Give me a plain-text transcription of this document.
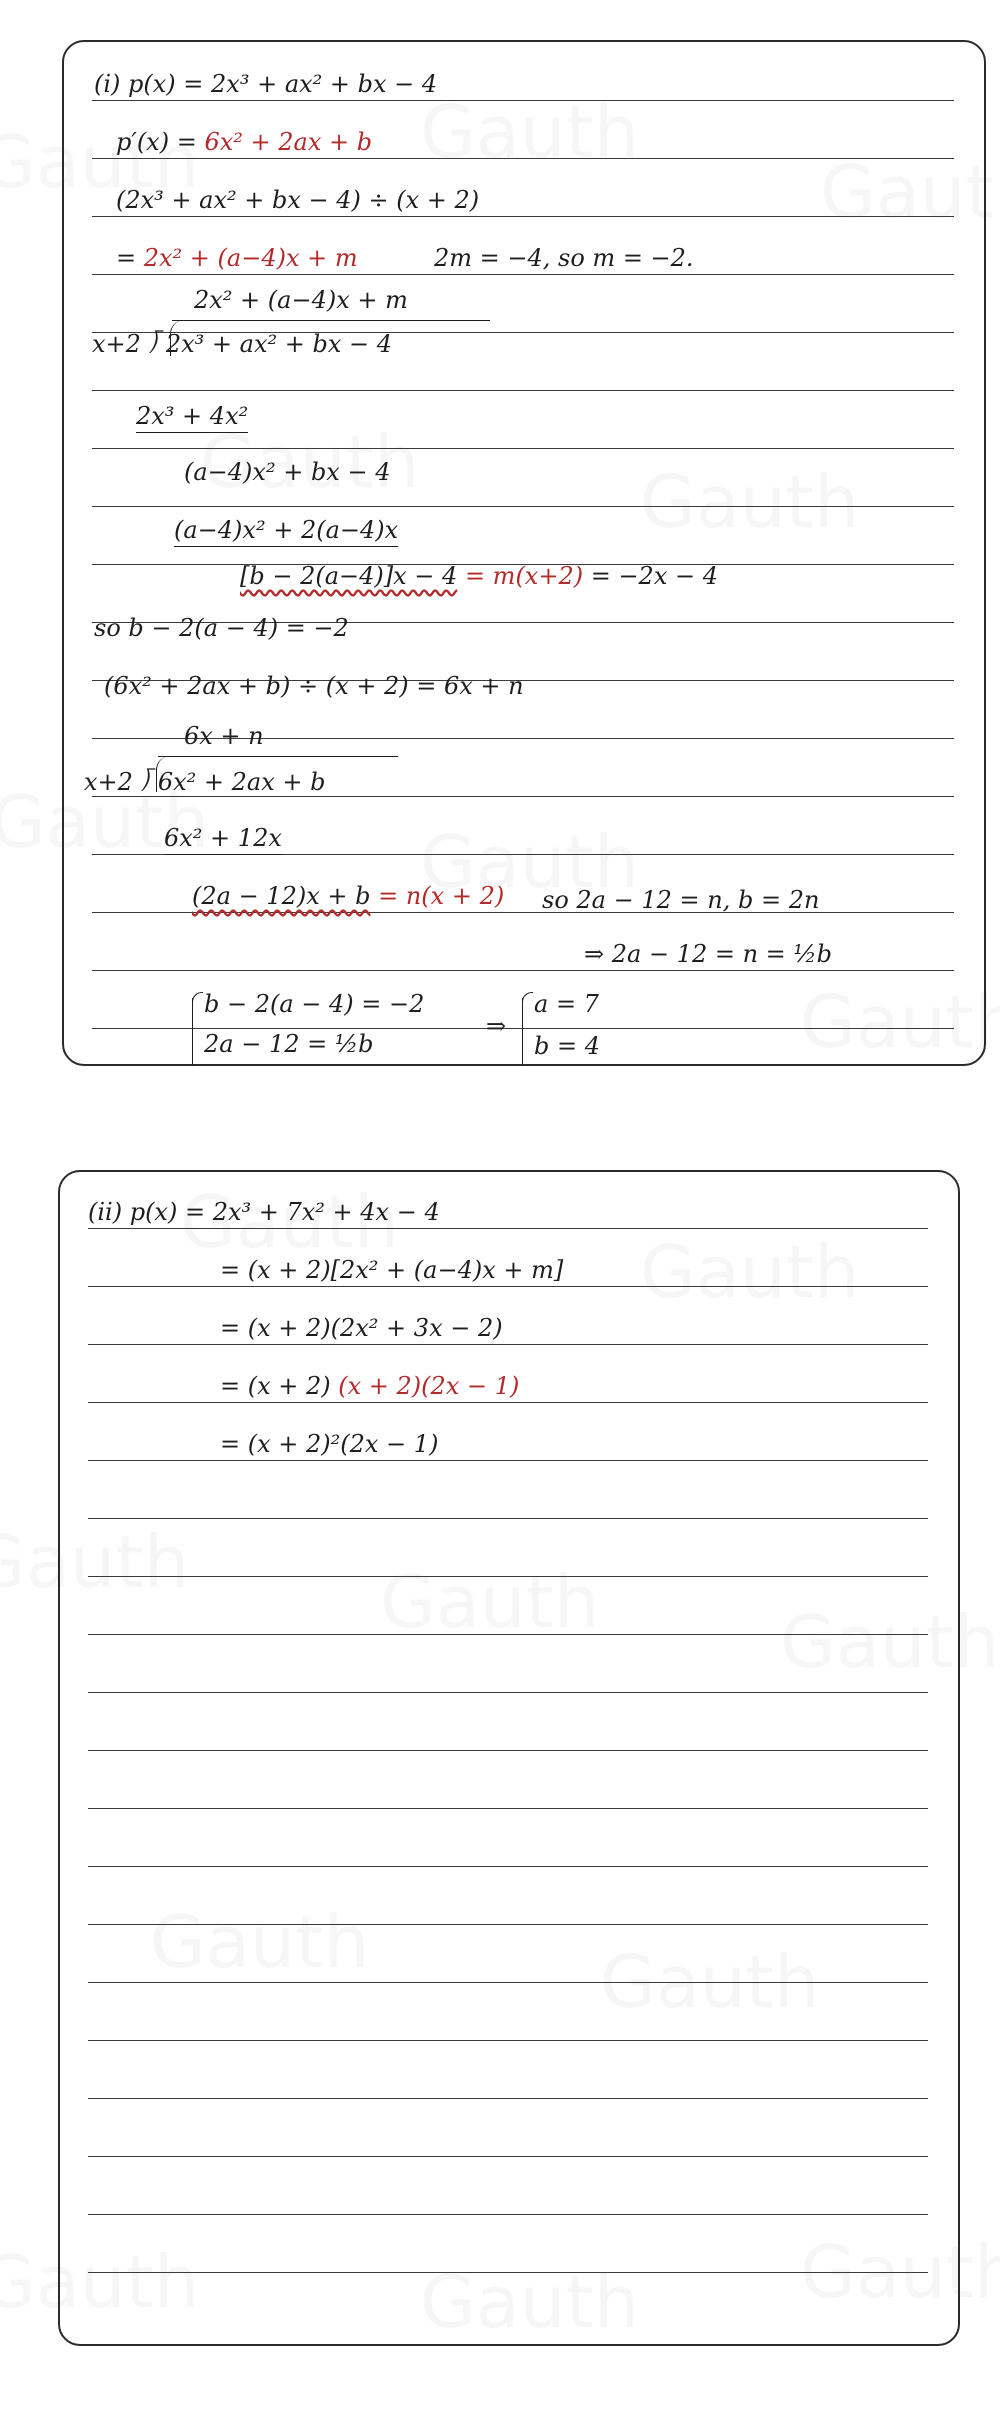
(i) p(x) = 2x³ + ax² + bx − 4
p′(x) = 6x² + 2ax + b
(2x³ + ax² + bx − 4) ÷ (x + 2)
= 2x² + (a−4)x + m	2m = −4, so m = −2.
2x² + (a−4)x + m
x+2 ⟌ 2x³ + ax² + bx − 4
2x³ + 4x²
(a−4)x² + bx − 4
(a−4)x² + 2(a−4)x
[b − 2(a−4)]x − 4 = m(x+2) = −2x − 4
so b − 2(a − 4) = −2
(6x² + 2ax + b) ÷ (x + 2) = 6x + n
6x + n
x+2 ⟌ 6x² + 2ax + b
6x² + 12x
(2a − 12)x + b = n(x + 2) so 2a − 12 = n, b = 2n
⇒ 2a − 12 = n = ½b
b − 2(a − 4) = −2
2a − 12 = ½b
⇒
a = 7
b = 4
(ii) p(x) = 2x³ + 7x² + 4x − 4
= (x + 2)[2x² + (a−4)x + m]
= (x + 2)(2x² + 3x − 2)
= (x + 2) (x + 2)(2x − 1)
= (x + 2)²(2x − 1)
